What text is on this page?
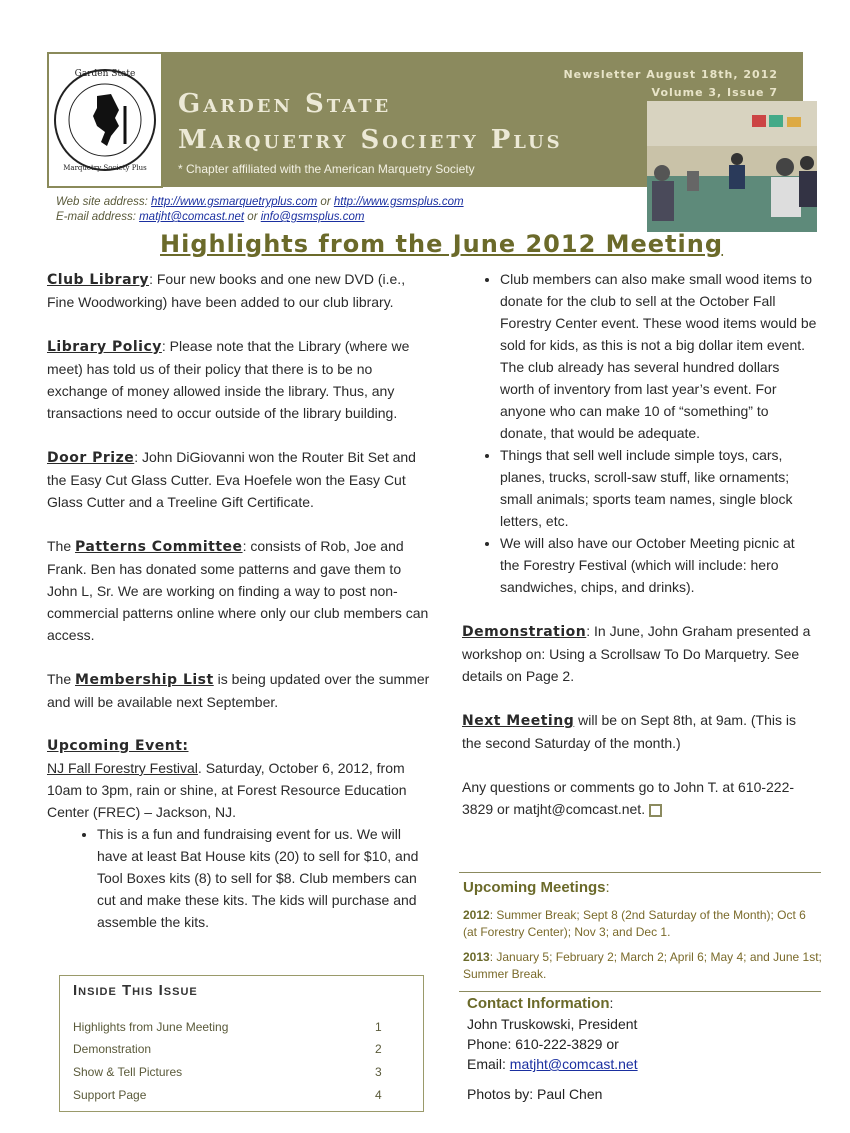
Garden State
Marquetry Society Plus
Garden State
Marquetry Society Plus
* Chapter affiliated with the American Marquetry Society
Newsletter August 18th, 2012
Volume 3, Issue 7
Web site address: http://www.gsmarquetryplus.com or http://www.gsmsplus.com
E-mail address: matjht@comcast.net or info@gsmsplus.com
Highlights from the June 2012 Meeting

Club Library: Four new books and one new DVD (i.e., Fine Woodworking) have been added to our club library.

Library Policy: Please note that the Library (where we meet) has told us of their policy that there is to be no exchange of money allowed inside the library. Thus, any transactions need to occur outside of the library building.

Door Prize: John DiGiovanni won the Router Bit Set and the Easy Cut Glass Cutter. Eva Hoefele won the Easy Cut Glass Cutter and a Treeline Gift Certificate.

The Patterns Committee: consists of Rob, Joe and Frank. Ben has donated some patterns and gave them to John L, Sr. We are working on finding a way to post non-commercial patterns online where only our club members can access.

The Membership List is being updated over the summer and will be available next September.

Upcoming Event:
NJ Fall Forestry Festival. Saturday, October 6, 2012, from 10am to 3pm, rain or shine, at Forest Resource Education Center (FREC) – Jackson, NJ.
• This is a fun and fundraising event for us. We will have at least Bat House kits (20) to sell for $10, and Tool Boxes kits (8) to sell for $8. Club members can cut and make these kits. The kids will purchase and assemble the kits.
• Club members can also make small wood items to donate for the club to sell at the October Fall Forestry Center event. These wood items would be sold for kids, as this is not a big dollar item event. The club already has several hundred dollars worth of inventory from last year’s event. For anyone who can make 10 of “something” to donate, that would be adequate.
• Things that sell well include simple toys, cars, planes, trucks, scroll-saw stuff, like ornaments; small animals; sports team names, single block letters, etc.
• We will also have our October Meeting picnic at the Forestry Festival (which will include: hero sandwiches, chips, and drinks).

Demonstration: In June, John Graham presented a workshop on: Using a Scrollsaw To Do Marquetry. See details on Page 2.

Next Meeting will be on Sept 8th, at 9am. (This is the second Saturday of the month.)

Any questions or comments go to John T. at 610-222-3829 or matjht@comcast.net.

Inside This Issue
Highlights from June Meeting	1
Demonstration	2
Show & Tell Pictures	3
Support Page	4
Upcoming Meetings:
2012: Summer Break; Sept 8 (2nd Saturday of the Month); Oct 6 (at Forestry Center); Nov 3; and Dec 1.
2013: January 5; February 2; March 2; April 6; May 4; and June 1st; Summer Break.
Contact Information:
John Truskowski, President
Phone: 610-222-3829 or
Email: matjht@comcast.net
Photos by: Paul Chen
